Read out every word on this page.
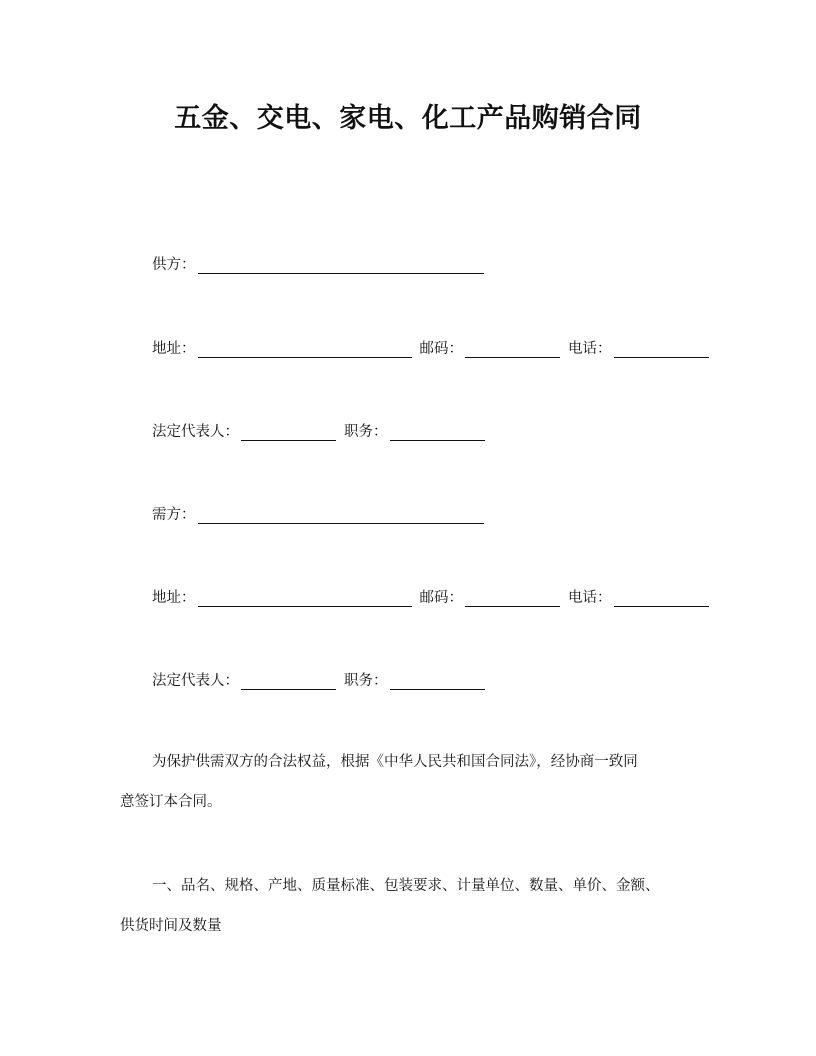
五金、交电、家电、化工产品购销合同
供方：
地址：	邮码：	电话：
法定代表人：	职务：
需方：
地址：	邮码：	电话：
法定代表人：	职务：

为保护供需双方的合法权益，根据《中华人民共和国合同法》，经协商一致同
意签订本合同。

一、品名、规格、产地、质量标准、包装要求、计量单位、数量、单价、金额、
供货时间及数量
